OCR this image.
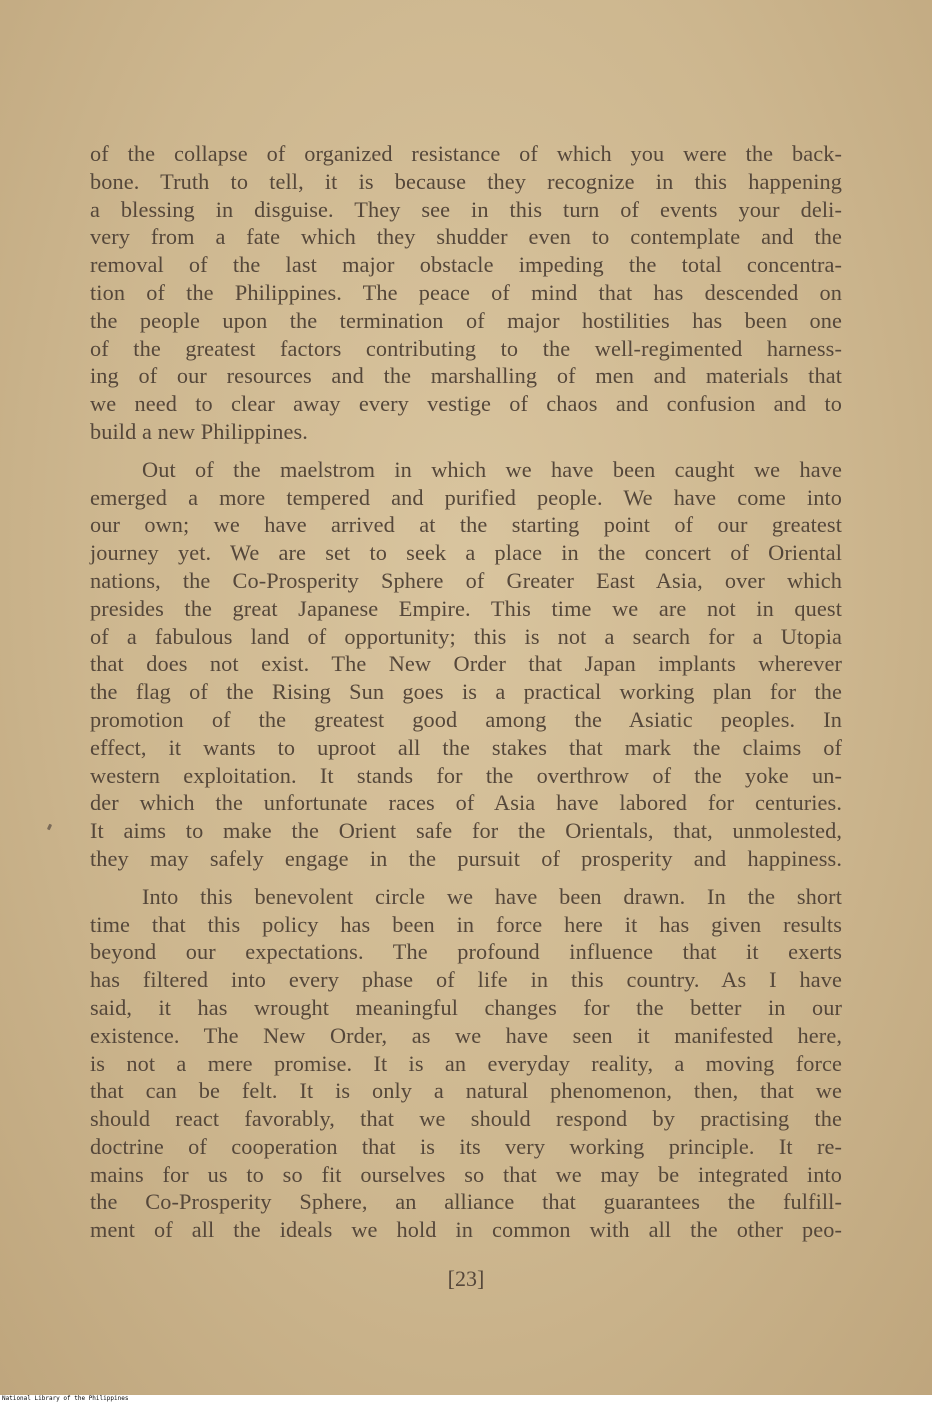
of the collapse of organized resistance of which you were the back-
bone. Truth to tell, it is because they recognize in this happening
a blessing in disguise. They see in this turn of events your deli-
very from a fate which they shudder even to contemplate and the
removal of the last major obstacle impeding the total concentra-
tion of the Philippines. The peace of mind that has descended on
the people upon the termination of major hostilities has been one
of the greatest factors contributing to the well-regimented harness-
ing of our resources and the marshalling of men and materials that
we need to clear away every vestige of chaos and confusion and to
build a new Philippines.
Out of the maelstrom in which we have been caught we have
emerged a more tempered and purified people. We have come into
our own; we have arrived at the starting point of our greatest
journey yet. We are set to seek a place in the concert of Oriental
nations, the Co-Prosperity Sphere of Greater East Asia, over which
presides the great Japanese Empire. This time we are not in quest
of a fabulous land of opportunity; this is not a search for a Utopia
that does not exist. The New Order that Japan implants wherever
the flag of the Rising Sun goes is a practical working plan for the
promotion of the greatest good among the Asiatic peoples. In
effect, it wants to uproot all the stakes that mark the claims of
western exploitation. It stands for the overthrow of the yoke un-
der which the unfortunate races of Asia have labored for centuries.
It aims to make the Orient safe for the Orientals, that, unmolested,
they may safely engage in the pursuit of prosperity and happiness.
Into this benevolent circle we have been drawn. In the short
time that this policy has been in force here it has given results
beyond our expectations. The profound influence that it exerts
has filtered into every phase of life in this country. As I have
said, it has wrought meaningful changes for the better in our
existence. The New Order, as we have seen it manifested here,
is not a mere promise. It is an everyday reality, a moving force
that can be felt. It is only a natural phenomenon, then, that we
should react favorably, that we should respond by practising the
doctrine of cooperation that is its very working principle. It re-
mains for us to so fit ourselves so that we may be integrated into
the Co-Prosperity Sphere, an alliance that guarantees the fulfill-
ment of all the ideals we hold in common with all the other peo-
[23]
National Library of the Philippines
